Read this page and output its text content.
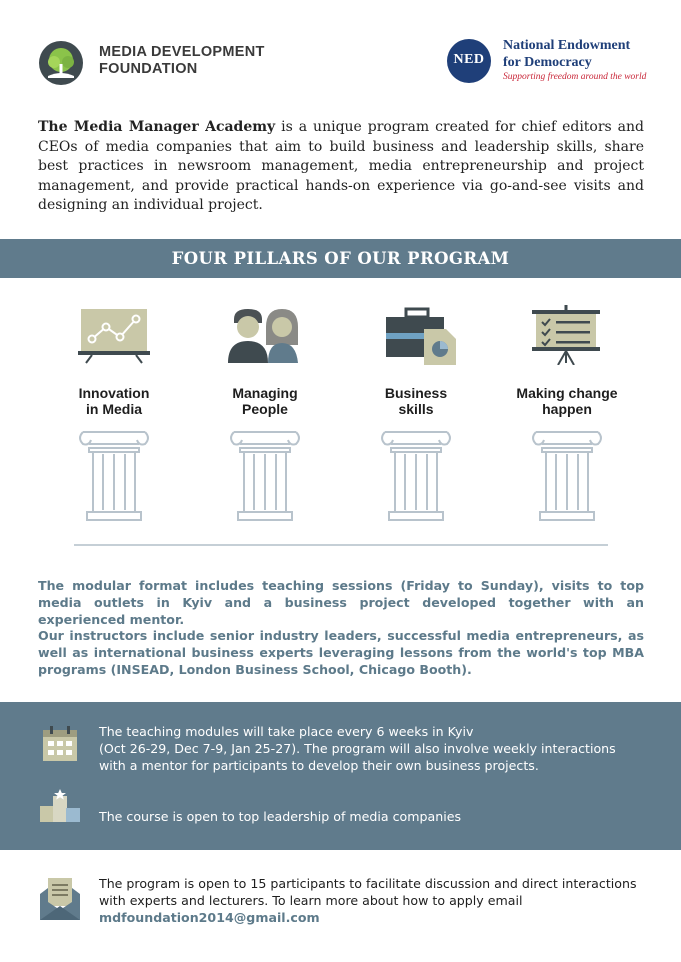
MEDIA DEVELOPMENT
FOUNDATION
NED
National Endowment
for Democracy
Supporting freedom around the world
The Media Manager Academy is a unique program created for chief editors and CEOs of media companies that aim to build business and leadership skills, share best practices in newsroom management, media entrepreneurship and project management, and provide practical hands-on experience via go-and-see visits and designing an individual project.
FOUR PILLARS OF OUR PROGRAM
Innovation
in Media
Managing
People
Business
skills
Making change
happen
The modular format includes teaching sessions (Friday to Sunday), visits to top media outlets in Kyiv and a business project developed together with an experienced mentor.
Our instructors include senior industry leaders, successful media entrepreneurs, as well as international business experts leveraging lessons from the world's top MBA programs (INSEAD, London Business School, Chicago Booth).
The teaching modules will take place every 6 weeks in Kyiv
(Oct 26-29, Dec 7-9, Jan 25-27). The program will also involve weekly interactions
with a mentor for participants to develop their own business projects.
The course is open to top leadership of media companies
The program is open to 15 participants to facilitate discussion and direct interactions
with experts and lecturers. To learn more about how to apply email
mdfoundation2014@gmail.com
